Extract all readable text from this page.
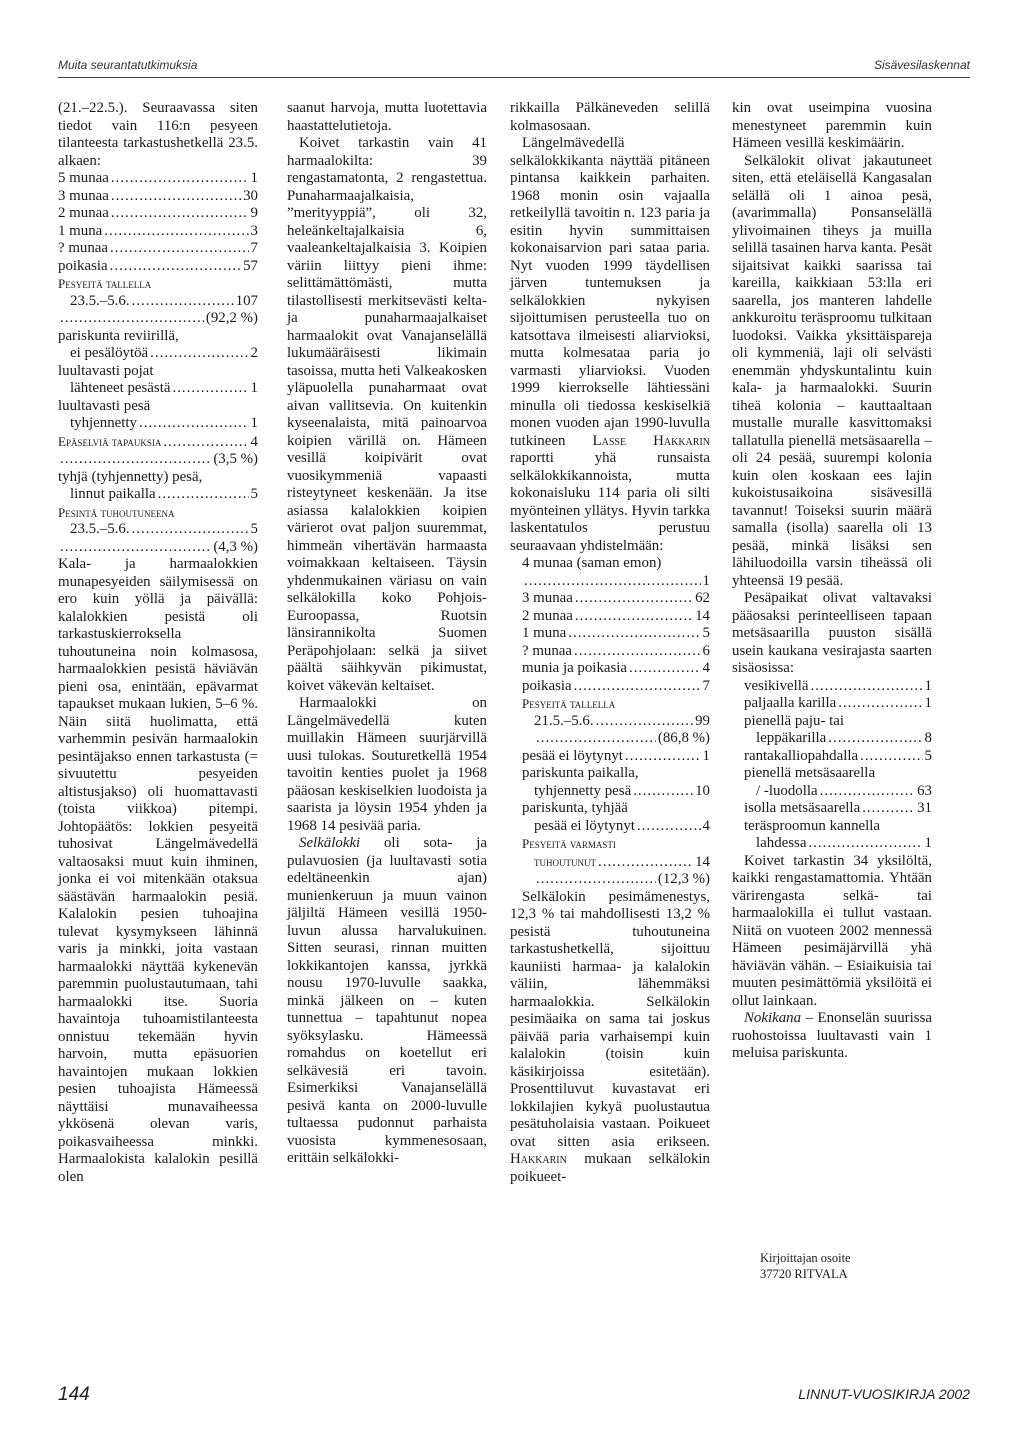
Muita seurantatutkimuksia	Sisävesilaskennat

(21.–22.5.). Seuraavassa siten tiedot vain 116:n pesyeen tilanteesta tarkastushetkellä 23.5. alkaen:

5 munaa .....	1
3 munaa .....	30
2 munaa .....	9
1 muna .....	3
? munaa .....	7
poikasia .....	57
Pesyeitä tallella
23.5.–5.6. .....	107
.....
(92,2 %)
pariskunta reviirillä,
ei pesälöytöä .....	2
luultavasti pojat
lähteneet pesästä .....	1
luultavasti pesä
tyhjennetty .....	1
Epäselviä tapauksia .....	4
.....
(3,5 %)
tyhjä (tyhjennetty) pesä,
linnut paikalla .....	5
Pesintä tuhoutuneena
23.5.–5.6. .....	5
.....
(4,3 %)

Kala- ja harmaalokkien munapesyeiden säilymisessä on ero kuin yöllä ja päivällä: kalalokkien pesistä oli tarkastuskierroksella tuhoutuneina noin kolmasosa, harmaalokkien pesistä häviävän pieni osa, enintään, epävarmat tapaukset mukaan lukien, 5–6 %. Näin siitä huolimatta, että varhemmin pesivän harmaalokin pesintäjakso ennen tarkastusta (= sivuutettu pesyeiden altistusjakso) oli huomattavasti (toista viikkoa) pitempi. Johtopäätös: lokkien pesyeitä tuhosivat Längelmävedellä valtaosaksi muut kuin ihminen, jonka ei voi mitenkään otaksua säästävän harmaalokin pesiä. Kalalokin pesien tuhoajina tulevat kysymykseen lähinnä varis ja minkki, joita vastaan harmaalokki näyttää kykenevän paremmin puolustautumaan, tahi harmaalokki itse. Suoria havaintoja tuhoamistilanteesta onnistuu tekemään hyvin harvoin, mutta epäsuorien havaintojen mukaan lokkien pesien tuhoajista Hämeessä näyttäisi munavaiheessa ykkösenä olevan varis, poikasvaiheessa minkki. Harmaalokista kalalokin pesillä olen

saanut harvoja, mutta luotettavia haastattelutietoja.

Koivet tarkastin vain 41 harmaalokilta: 39 rengastamatonta, 2 rengastettua. Punaharmaajalkaisia, ”merityyppiä”, oli 32, heleänkeltajalkaisia 6, vaaleankeltajalkaisia 3. Koipien väriin liittyy pieni ihme: selittämättömästi, mutta tilastollisesti merkitsevästi kelta- ja punaharmaajalkaiset harmaalokit ovat Vanajanselällä lukumääräisesti likimain tasoissa, mutta heti Valkeakosken yläpuolella punaharmaat ovat aivan vallitsevia. On kuitenkin kyseenalaista, mitä painoarvoa koipien värillä on. Hämeen vesillä koipivärit ovat vuosikymmeniä vapaasti risteytyneet keskenään. Ja itse asiassa kalalokkien koipien värierot ovat paljon suuremmat, himmeän vihertävän harmaasta voimakkaan keltaiseen. Täysin yhdenmukainen väriasu on vain selkälokilla koko Pohjois-Euroopassa, Ruotsin länsirannikolta Suomen Peräpohjolaan: selkä ja siivet päältä säihkyvän pikimustat, koivet väkevän keltaiset.

Harmaalokki on Längelmävedellä kuten muillakin Hämeen suurjärvillä uusi tulokas. Souturetkellä 1954 tavoitin kenties puolet ja 1968 pääosan keskiselkien luodoista ja saarista ja löysin 1954 yhden ja 1968 14 pesivää paria.

Selkälokki oli sota- ja pulavuosien (ja luultavasti sotia edeltäneenkin ajan) munienkeruun ja muun vainon jäljiltä Hämeen vesillä 1950-luvun alussa harvalukuinen. Sitten seurasi, rinnan muitten lokkikantojen kanssa, jyrkkä nousu 1970-luvulle saakka, minkä jälkeen on – kuten tunnettua – tapahtunut nopea syöksylasku. Hämeessä romahdus on koetellut eri selkävesiä eri tavoin. Esimerkiksi Vanajanselällä pesivä kanta on 2000-luvulle tultaessa pudonnut parhaista vuosista kymmenesosaan, erittäin selkälokki-

rikkailla Pälkäneveden selillä kolmasosaan.

Längelmävedellä selkälokkikanta näyttää pitäneen pintansa kaikkein parhaiten. 1968 monin osin vajaalla retkeilyllä tavoitin n. 123 paria ja esitin hyvin summittaisen kokonaisarvion pari sataa paria. Nyt vuoden 1999 täydellisen järven tuntemuksen ja selkälokkien nykyisen sijoittumisen perusteella tuo on katsottava ilmeisesti aliarvioksi, mutta kolmesataa paria jo varmasti yliarvioksi. Vuoden 1999 kierrokselle lähtiessäni minulla oli tiedossa keskiselkiä monen vuoden ajan 1990-luvulla tutkineen Lasse Hakkarin raportti yhä runsaista selkälokkikannoista, mutta kokonaisluku 114 paria oli silti myönteinen yllätys. Hyvin tarkka laskentatulos perustuu seuraavaan yhdistelmään:

4 munaa (saman emon)
.....
1
3 munaa .....	62
2 munaa .....	14
1 muna .....	5
? munaa .....	6
munia ja poikasia .....	4
poikasia .....	7
Pesyeitä tallella
21.5.–5.6. .....	99
.....
(86,8 %)
pesää ei löytynyt .....	1
pariskunta paikalla,
tyhjennetty pesä .....	10
pariskunta, tyhjää
pesää ei löytynyt .....	4
Pesyeitä varmasti
tuhoutunut .....	14
.....
(12,3 %)

Selkälokin pesimämenestys, 12,3 % tai mahdollisesti 13,2 % pesistä tuhoutuneina tarkastushetkellä, sijoittuu kauniisti harmaa- ja kalalokin väliin, lähemmäksi harmaalokkia. Selkälokin pesimäaika on sama tai joskus päivää paria varhaisempi kuin kalalokin (toisin kuin käsikirjoissa esitetään). Prosenttiluvut kuvastavat eri lokkilajien kykyä puolustautua pesätuholaisia vastaan. Poikueet ovat sitten asia erikseen. Hakkarin mukaan selkälokin poikueet-

kin ovat useimpina vuosina menestyneet paremmin kuin Hämeen vesillä keskimäärin.

Selkälokit olivat jakautuneet siten, että eteläisellä Kangasalan selällä oli 1 ainoa pesä, (avarimmalla) Ponsanselällä ylivoimainen tiheys ja muilla selillä tasainen harva kanta. Pesät sijaitsivat kaikki saarissa tai kareilla, kaikkiaan 53:lla eri saarella, jos manteren lahdelle ankkuroitu teräsproomu tulkitaan luodoksi. Vaikka yksittäispareja oli kymmeniä, laji oli selvästi enemmän yhdyskuntalintu kuin kala- ja harmaalokki. Suurin tiheä kolonia – kauttaaltaan mustalle muralle kasvittomaksi tallatulla pienellä metsäsaarella – oli 24 pesää, suurempi kolonia kuin olen koskaan ees lajin kukoistusaikoina sisävesillä tavannut! Toiseksi suurin määrä samalla (isolla) saarella oli 13 pesää, minkä lisäksi sen lähiluodoilla varsin tiheässä oli yhteensä 19 pesää.

Pesäpaikat olivat valtavaksi pääosaksi perinteelliseen tapaan metsäsaarilla puuston sisällä usein kaukana vesirajasta saarten sisäosissa:

vesikivellä .....	1
paljaalla karilla .....	1
pienellä paju- tai
leppäkarilla .....	8
rantakalliopahdalla .....	5
pienellä metsäsaarella
/ -luodolla .....	63
isolla metsäsaarella .....	31
teräsproomun kannella
lahdessa .....	1

Koivet tarkastin 34 yksilöltä, kaikki rengastamattomia. Yhtään värirengasta selkä- tai harmaalokilla ei tullut vastaan. Niitä on vuoteen 2002 mennessä Hämeen pesimäjärvillä yhä häviävän vähän. – Esiaikuisia tai muuten pesimättömiä yksilöitä ei ollut lainkaan.

Nokikana – Enonselän suurissa ruohostoissa luultavasti vain 1 meluisa pariskunta.

Kirjoittajan osoite
37720 RITVALA
144	LINNUT-VUOSIKIRJA 2002
